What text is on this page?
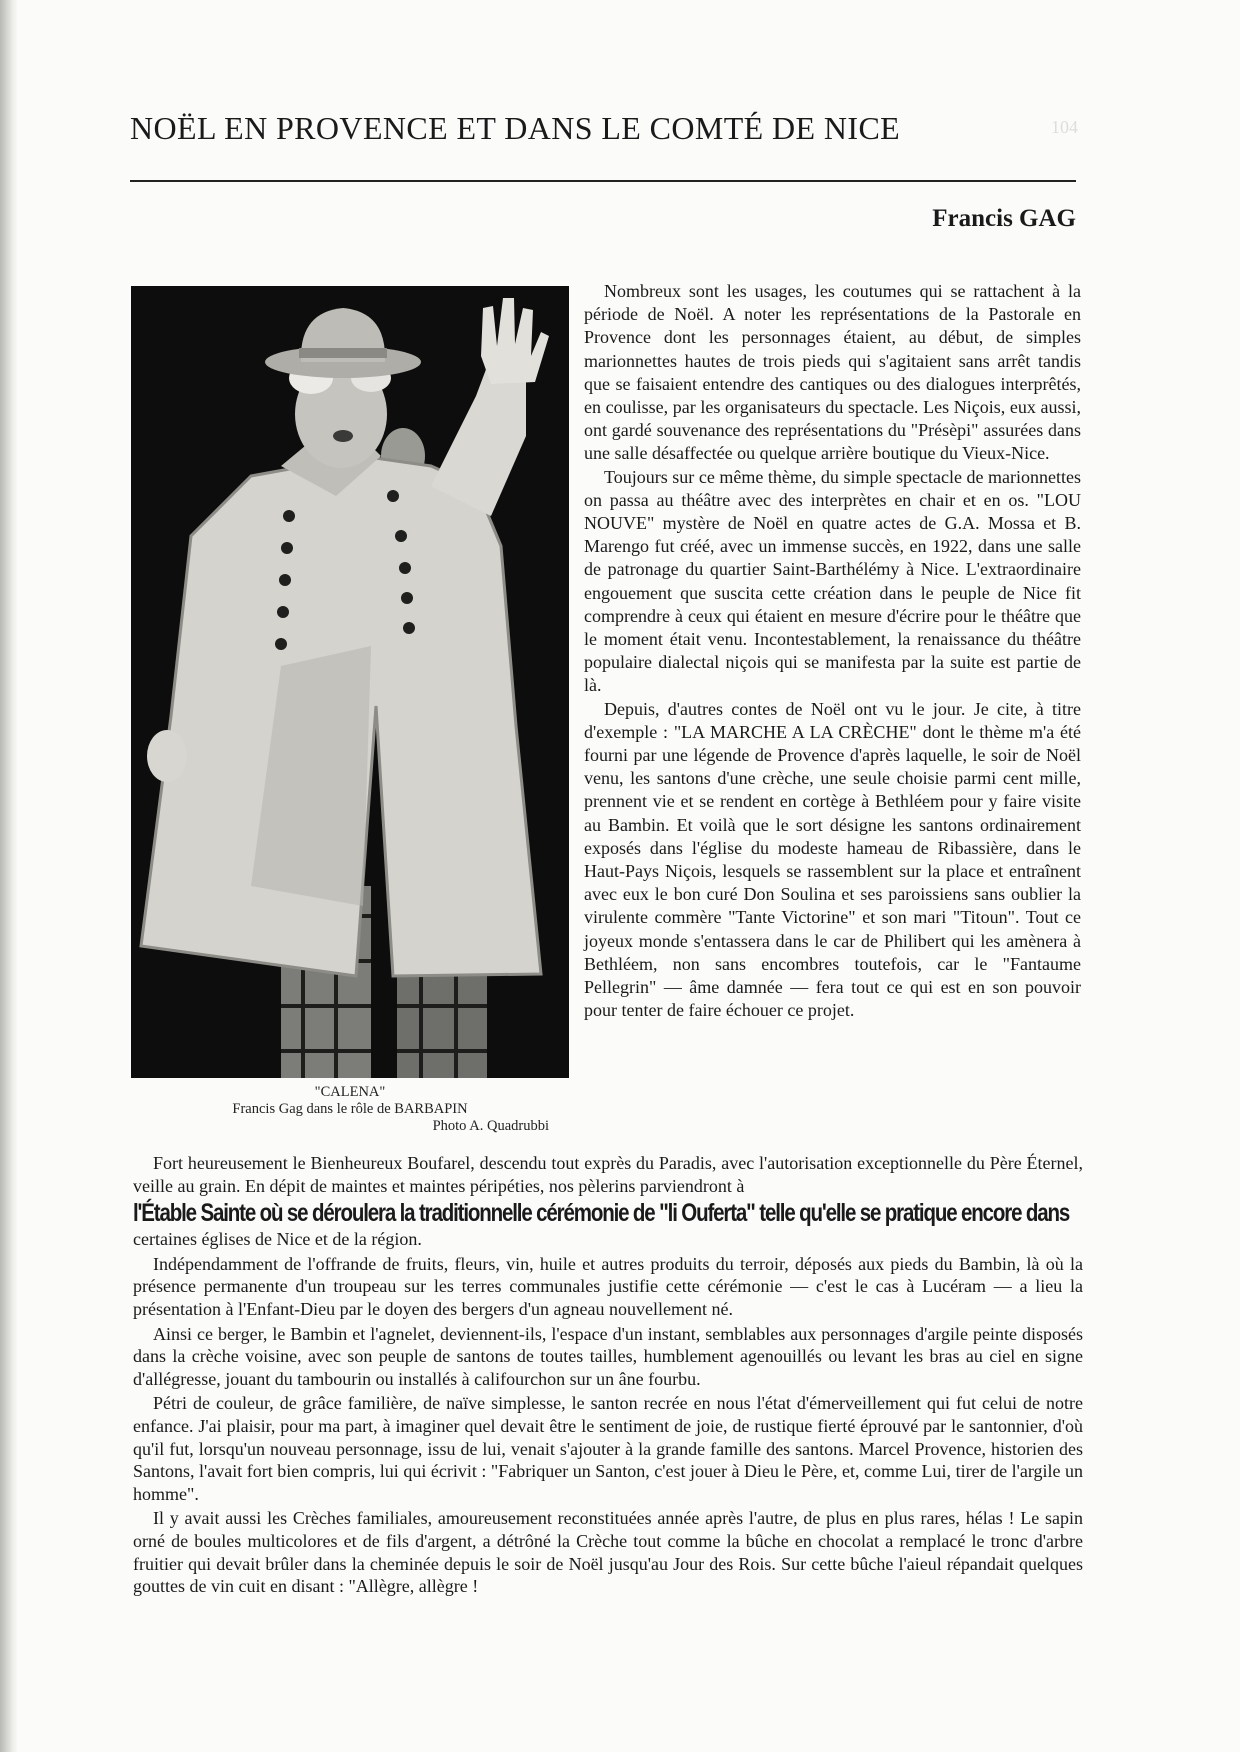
104
NOËL EN PROVENCE ET DANS LE COMTÉ DE NICE
Francis GAG
"CALENA"
Francis Gag dans le rôle de BARBAPIN

Photo A. Quadrubbi

Nombreux sont les usages, les coutumes qui se rattachent à la période de Noël. A noter les représentations de la Pastorale en Provence dont les personnages étaient, au début, de simples marionnettes hautes de trois pieds qui s'agitaient sans arrêt tandis que se faisaient entendre des cantiques ou des dialogues interprêtés, en coulisse, par les organisateurs du spectacle. Les Niçois, eux aussi, ont gardé souvenance des représentations du "Présèpi" assurées dans une salle désaffectée ou quelque arrière boutique du Vieux-Nice.

Toujours sur ce même thème, du simple spectacle de marionnettes on passa au théâtre avec des interprètes en chair et en os. "LOU NOUVE" mystère de Noël en quatre actes de G.A. Mossa et B. Marengo fut créé, avec un immense succès, en 1922, dans une salle de patronage du quartier Saint-Barthélémy à Nice. L'extraordinaire engouement que suscita cette création dans le peuple de Nice fit comprendre à ceux qui étaient en mesure d'écrire pour le théâtre que le moment était venu. Incontestablement, la renaissance du théâtre populaire dialectal niçois qui se manifesta par la suite est partie de là.

Depuis, d'autres contes de Noël ont vu le jour. Je cite, à titre d'exemple : "LA MARCHE A LA CRÈCHE" dont le thème m'a été fourni par une légende de Provence d'après laquelle, le soir de Noël venu, les santons d'une crèche, une seule choisie parmi cent mille, prennent vie et se rendent en cortège à Bethléem pour y faire visite au Bambin. Et voilà que le sort désigne les santons ordinairement exposés dans l'église du modeste hameau de Ribassière, dans le Haut-Pays Niçois, lesquels se rassemblent sur la place et entraînent avec eux le bon curé Don Soulina et ses paroissiens sans oublier la virulente commère "Tante Victorine" et son mari "Titoun". Tout ce joyeux monde s'entassera dans le car de Philibert qui les amènera à Bethléem, non sans encombres toutefois, car le "Fantaume Pellegrin" — âme damnée — fera tout ce qui est en son pouvoir pour tenter de faire échouer ce projet.

Fort heureusement le Bienheureux Boufarel, descendu tout exprès du Paradis, avec l'autorisation exceptionnelle du Père Éternel, veille au grain. En dépit de maintes et maintes péripéties, nos pèlerins parviendront à
l'Étable Sainte où se déroulera la traditionnelle cérémonie de "li Ouferta" telle qu'elle se pratique encore dans
certaines églises de Nice et de la région.

Indépendamment de l'offrande de fruits, fleurs, vin, huile et autres produits du terroir, déposés aux pieds du Bambin, là où la présence permanente d'un troupeau sur les terres communales justifie cette cérémonie — c'est le cas à Lucéram — a lieu la présentation à l'Enfant-Dieu par le doyen des bergers d'un agneau nouvellement né.

Ainsi ce berger, le Bambin et l'agnelet, deviennent-ils, l'espace d'un instant, semblables aux personnages d'argile peinte disposés dans la crèche voisine, avec son peuple de santons de toutes tailles, humblement agenouillés ou levant les bras au ciel en signe d'allégresse, jouant du tambourin ou installés à califourchon sur un âne fourbu.

Pétri de couleur, de grâce familière, de naïve simplesse, le santon recrée en nous l'état d'émerveillement qui fut celui de notre enfance. J'ai plaisir, pour ma part, à imaginer quel devait être le sentiment de joie, de rustique fierté éprouvé par le santonnier, d'où qu'il fut, lorsqu'un nouveau personnage, issu de lui, venait s'ajouter à la grande famille des santons. Marcel Provence, historien des Santons, l'avait fort bien compris, lui qui écrivit : "Fabriquer un Santon, c'est jouer à Dieu le Père, et, comme Lui, tirer de l'argile un homme".

Il y avait aussi les Crèches familiales, amoureusement reconstituées année après l'autre, de plus en plus rares, hélas ! Le sapin orné de boules multicolores et de fils d'argent, a détrôné la Crèche tout comme la bûche en chocolat a remplacé le tronc d'arbre fruitier qui devait brûler dans la cheminée depuis le soir de Noël jusqu'au Jour des Rois. Sur cette bûche l'aieul répandait quelques gouttes de vin cuit en disant : "Allègre, allègre !
